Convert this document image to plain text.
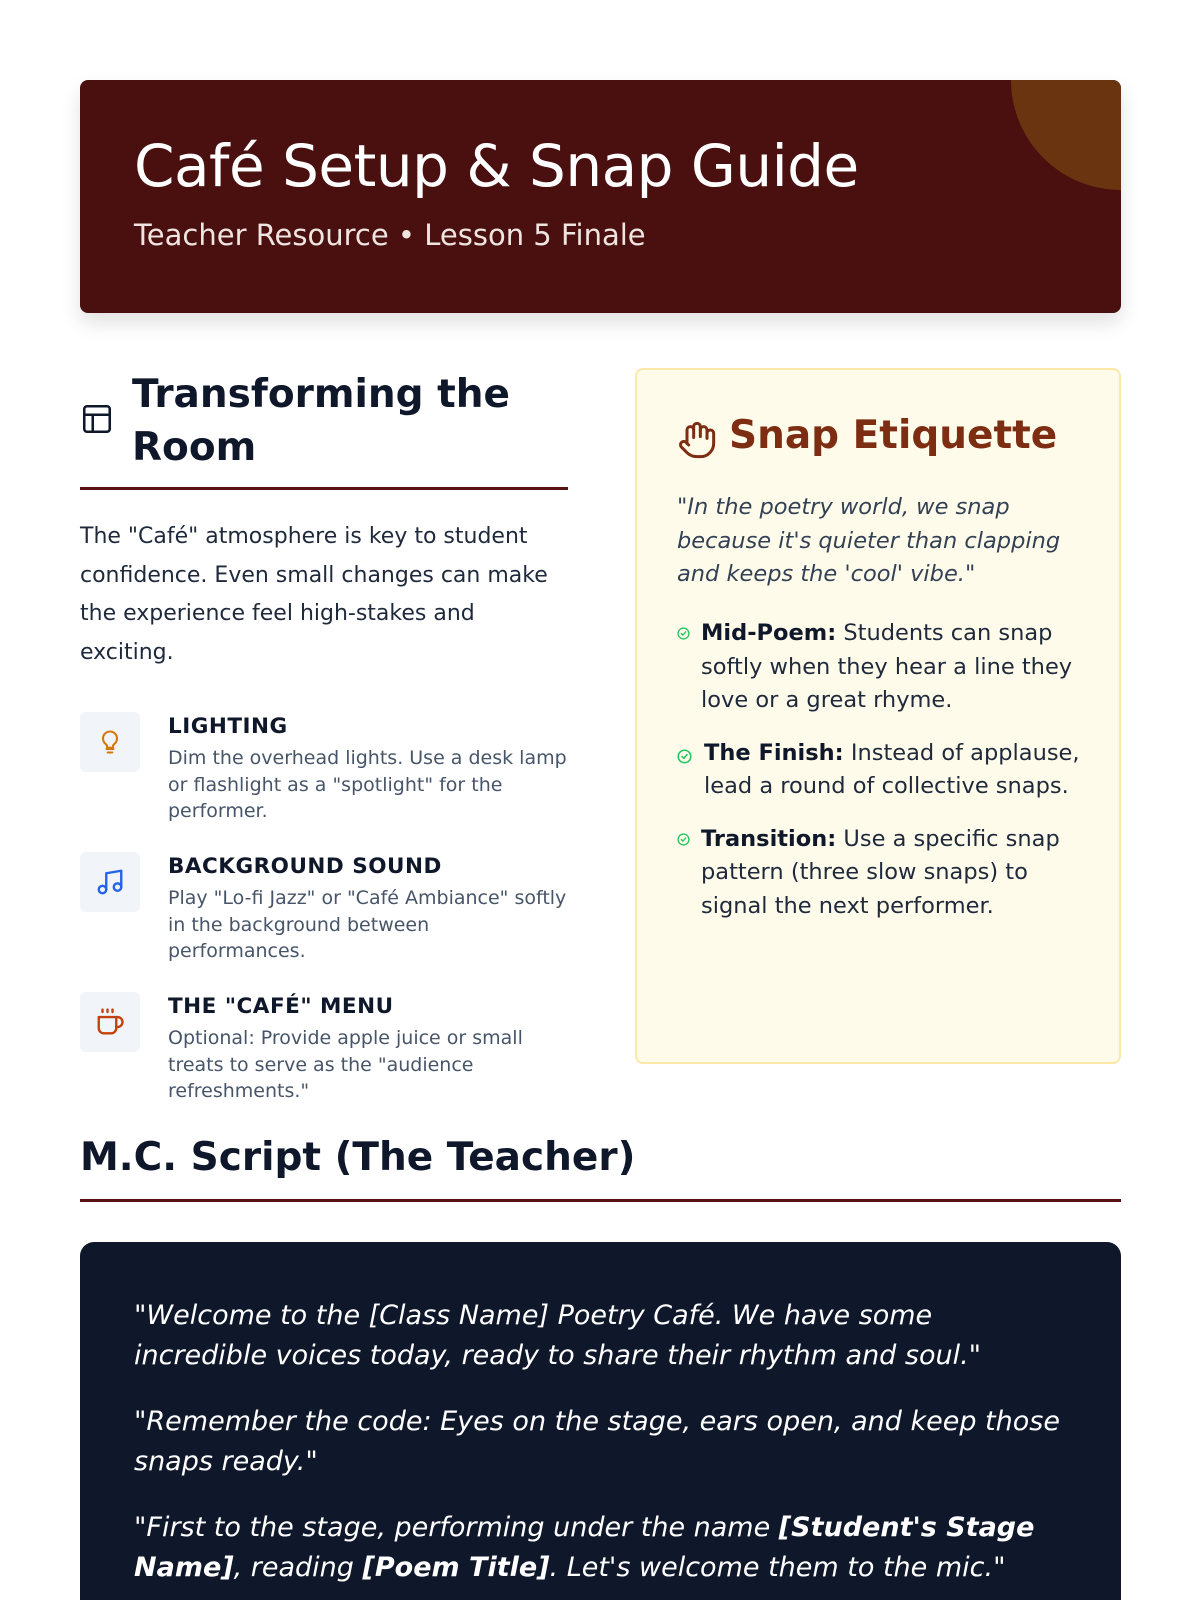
Café Setup & Snap Guide
Teacher Resource • Lesson 5 Finale
Transforming the Room

The "Café" atmosphere is key to student confidence. Even small changes can make the experience feel high-stakes and exciting.

LIGHTING
Dim the overhead lights. Use a desk lamp or flashlight as a "spotlight" for the performer.
BACKGROUND SOUND
Play "Lo-fi Jazz" or "Café Ambiance" softly in the background between performances.
THE "CAFÉ" MENU
Optional: Provide apple juice or small treats to serve as the "audience refreshments."
Snap Etiquette

"In the poetry world, we snap because it's quieter than clapping and keeps the 'cool' vibe."

Mid-Poem: Students can snap softly when they hear a line they love or a great rhyme.
The Finish: Instead of applause, lead a round of collective snaps.
Transition: Use a specific snap pattern (three slow snaps) to signal the next performer.
M.C. Script (The Teacher)

"Welcome to the [Class Name] Poetry Café. We have some incredible voices today, ready to share their rhythm and soul."

"Remember the code: Eyes on the stage, ears open, and keep those snaps ready."

"First to the stage, performing under the name [Student's Stage Name], reading [Poem Title]. Let's welcome them to the mic."
